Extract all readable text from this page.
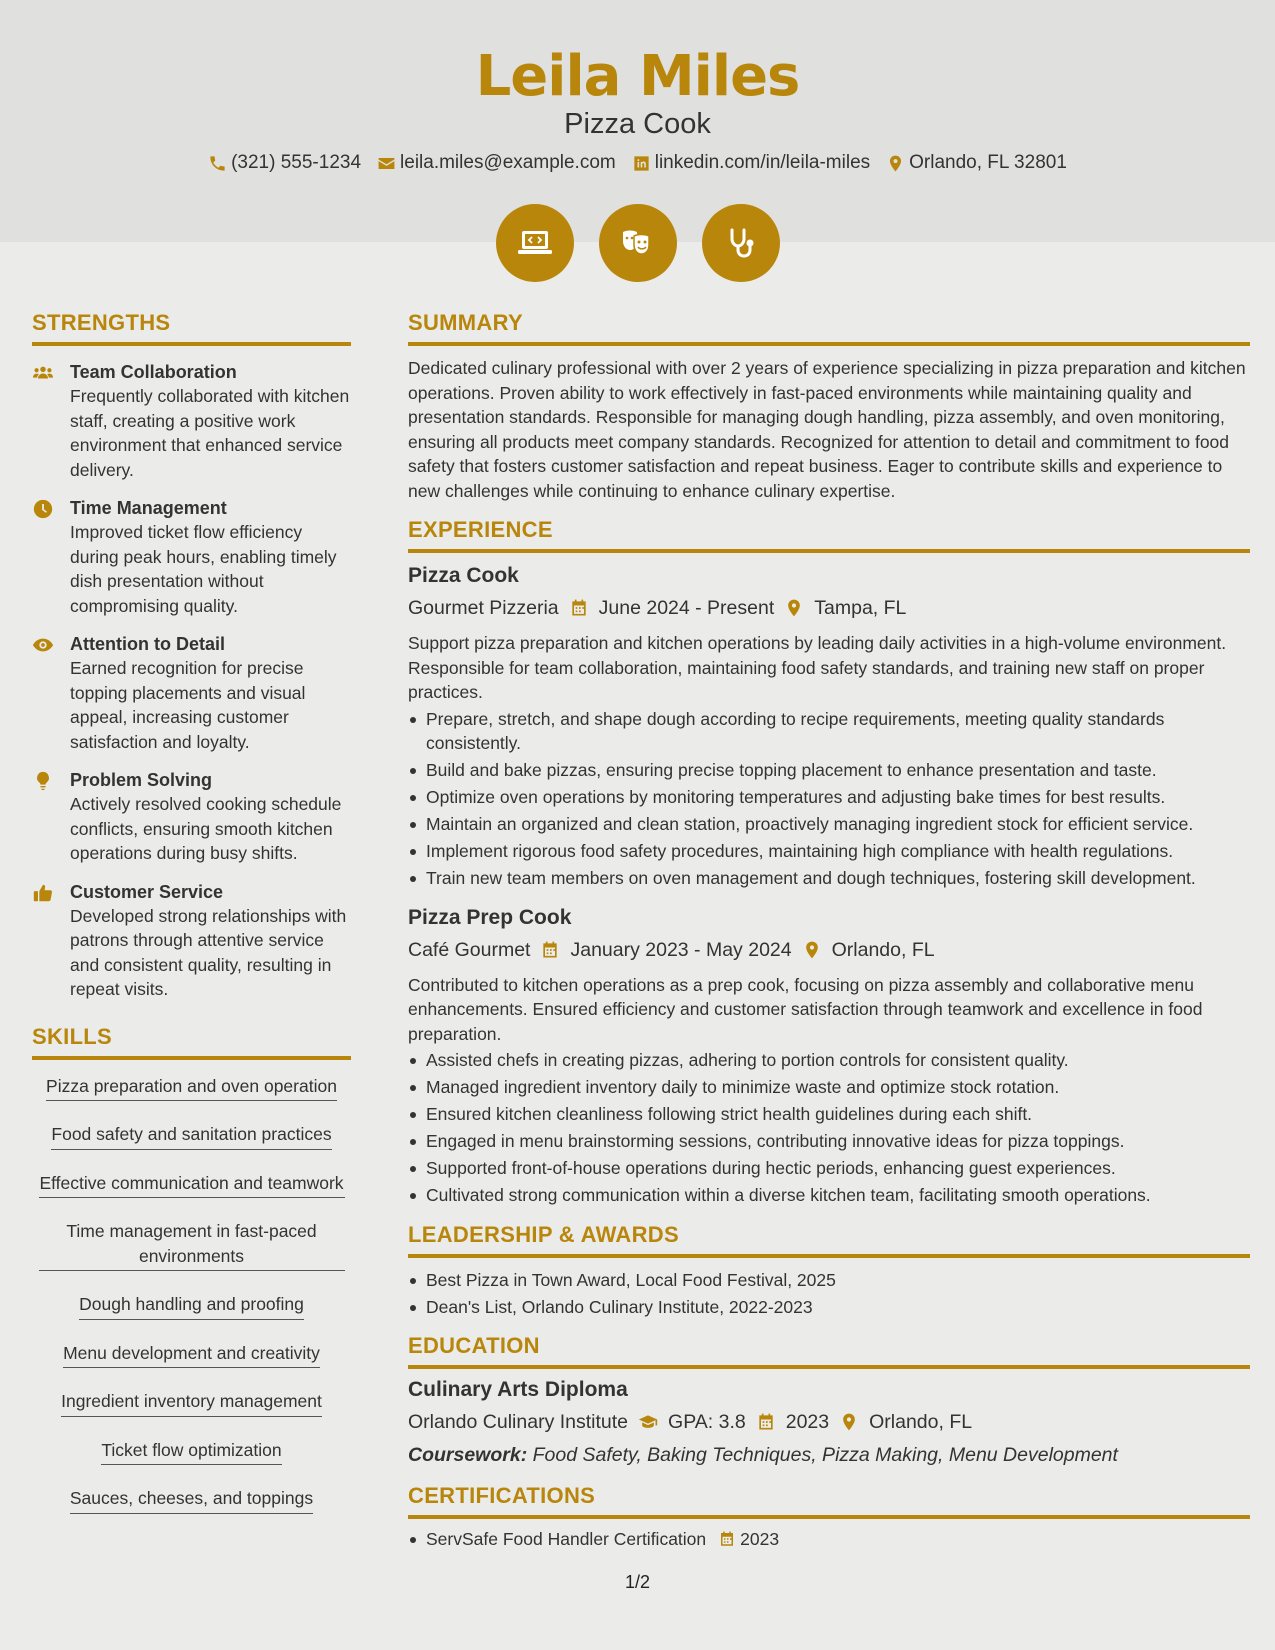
Leila Miles
Pizza Cook
(321) 555-1234 leila.miles@example.com linkedin.com/in/leila-miles Orlando, FL 32801
STRENGTHS
Team Collaboration
Frequently collaborated with kitchen staff, creating a positive work environment that enhanced service delivery.
Time Management
Improved ticket flow efficiency during peak hours, enabling timely dish presentation without compromising quality.
Attention to Detail
Earned recognition for precise topping placements and visual appeal, increasing customer satisfaction and loyalty.
Problem Solving
Actively resolved cooking schedule conflicts, ensuring smooth kitchen operations during busy shifts.
Customer Service
Developed strong relationships with patrons through attentive service and consistent quality, resulting in repeat visits.
SKILLS
Pizza preparation and oven operation
Food safety and sanitation practices
Effective communication and teamwork
Time management in fast-paced environments
Dough handling and proofing
Menu development and creativity
Ingredient inventory management
Ticket flow optimization
Sauces, cheeses, and toppings
SUMMARY
Dedicated culinary professional with over 2 years of experience specializing in pizza preparation and kitchen operations. Proven ability to work effectively in fast-paced environments while maintaining quality and presentation standards. Responsible for managing dough handling, pizza assembly, and oven monitoring, ensuring all products meet company standards. Recognized for attention to detail and commitment to food safety that fosters customer satisfaction and repeat business. Eager to contribute skills and experience to new challenges while continuing to enhance culinary expertise.
EXPERIENCE
Pizza Cook
Gourmet Pizzeria June 2024 - Present Tampa, FL
Support pizza preparation and kitchen operations by leading daily activities in a high-volume environment. Responsible for team collaboration, maintaining food safety standards, and training new staff on proper practices.
Prepare, stretch, and shape dough according to recipe requirements, meeting quality standards consistently.
Build and bake pizzas, ensuring precise topping placement to enhance presentation and taste.
Optimize oven operations by monitoring temperatures and adjusting bake times for best results.
Maintain an organized and clean station, proactively managing ingredient stock for efficient service.
Implement rigorous food safety procedures, maintaining high compliance with health regulations.
Train new team members on oven management and dough techniques, fostering skill development.
Pizza Prep Cook
Café Gourmet January 2023 - May 2024 Orlando, FL
Contributed to kitchen operations as a prep cook, focusing on pizza assembly and collaborative menu enhancements. Ensured efficiency and customer satisfaction through teamwork and excellence in food preparation.
Assisted chefs in creating pizzas, adhering to portion controls for consistent quality.
Managed ingredient inventory daily to minimize waste and optimize stock rotation.
Ensured kitchen cleanliness following strict health guidelines during each shift.
Engaged in menu brainstorming sessions, contributing innovative ideas for pizza toppings.
Supported front-of-house operations during hectic periods, enhancing guest experiences.
Cultivated strong communication within a diverse kitchen team, facilitating smooth operations.
LEADERSHIP & AWARDS
Best Pizza in Town Award, Local Food Festival, 2025
Dean's List, Orlando Culinary Institute, 2022-2023
EDUCATION
Culinary Arts Diploma
Orlando Culinary Institute GPA: 3.8 2023 Orlando, FL
Coursework: Food Safety, Baking Techniques, Pizza Making, Menu Development
CERTIFICATIONS
ServSafe Food Handler Certification 2023
1/2
